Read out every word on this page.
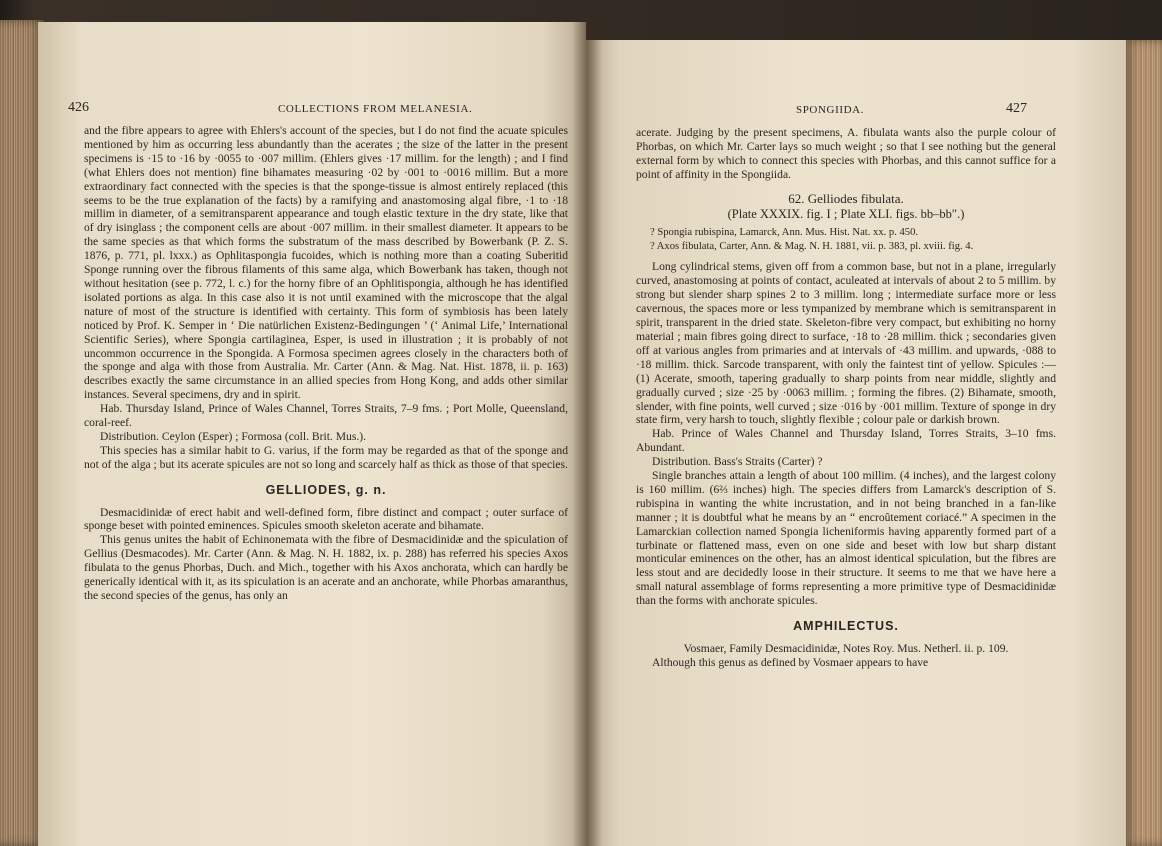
426	COLLECTIONS FROM MELANESIA.

and the fibre appears to agree with Ehlers's account of the species, but I do not find the acuate spicules mentioned by him as occurring less abundantly than the acerates ; the size of the latter in the present specimens is ·15 to ·16 by ·0055 to ·007 millim. (Ehlers gives ·17 millim. for the length) ; and I find (what Ehlers does not mention) fine bihamates measuring ·02 by ·001 to ·0016 millim. But a more extraordinary fact connected with the species is that the sponge-tissue is almost entirely replaced (this seems to be the true explanation of the facts) by a ramifying and anastomosing algal fibre, ·1 to ·18 millim in diameter, of a semitransparent appearance and tough elastic texture in the dry state, like that of dry isinglass ; the component cells are about ·007 millim. in their smallest diameter. It appears to be the same species as that which forms the substratum of the mass described by Bowerbank (P. Z. S. 1876, p. 771, pl. lxxx.) as Ophlitaspongia fucoides, which is nothing more than a coating Suberitid Sponge running over the fibrous filaments of this same alga, which Bowerbank has taken, though not without hesitation (see p. 772, l. c.) for the horny fibre of an Ophlitispongia, although he has identified isolated portions as alga. In this case also it is not until examined with the microscope that the algal nature of most of the structure is identified with certainty. This form of symbiosis has been lately noticed by Prof. K. Semper in ‘ Die natürlichen Existenz-Bedingungen ’ (‘ Animal Life,’ International Scientific Series), where Spongia cartilaginea, Esper, is used in illustration ; it is probably of not uncommon occurrence in the Spongida. A Formosa specimen agrees closely in the characters both of the sponge and alga with those from Australia. Mr. Carter (Ann. & Mag. Nat. Hist. 1878, ii. p. 163) describes exactly the same circumstance in an allied species from Hong Kong, and adds other similar instances. Several specimens, dry and in spirit.

Hab. Thursday Island, Prince of Wales Channel, Torres Straits, 7–9 fms. ; Port Molle, Queensland, coral-reef.

Distribution. Ceylon (Esper) ; Formosa (coll. Brit. Mus.).

This species has a similar habit to G. varius, if the form may be regarded as that of the sponge and not of the alga ; but its acerate spicules are not so long and scarcely half as thick as those of that species.

GELLIODES, g. n.

Desmacidinidæ of erect habit and well-defined form, fibre distinct and compact ; outer surface of sponge beset with pointed eminences. Spicules smooth skeleton acerate and bihamate.

This genus unites the habit of Echinonemata with the fibre of Desmacidinidæ and the spiculation of Gellius (Desmacodes). Mr. Carter (Ann. & Mag. N. H. 1882, ix. p. 288) has referred his species Axos fibulata to the genus Phorbas, Duch. and Mich., together with his Axos anchorata, which can hardly be generically identical with it, as its spiculation is an acerate and an anchorate, while Phorbas amaranthus, the second species of the genus, has only an

SPONGIIDA.	427

acerate. Judging by the present specimens, A. fibulata wants also the purple colour of Phorbas, on which Mr. Carter lays so much weight ; so that I see nothing but the general external form by which to connect this species with Phorbas, and this cannot suffice for a point of affinity in the Spongiida.

62. Gelliodes fibulata.
(Plate XXXIX. fig. I ; Plate XLI. figs. bb–bb″.)

? Spongia rubispina, Lamarck, Ann. Mus. Hist. Nat. xx. p. 450.

? Axos fibulata, Carter, Ann. & Mag. N. H. 1881, vii. p. 383, pl. xviii. fig. 4.

Long cylindrical stems, given off from a common base, but not in a plane, irregularly curved, anastomosing at points of contact, aculeated at intervals of about 2 to 5 millim. by strong but slender sharp spines 2 to 3 millim. long ; intermediate surface more or less cavernous, the spaces more or less tympanized by membrane which is semitransparent in spirit, transparent in the dried state. Skeleton-fibre very compact, but exhibiting no horny material ; main fibres going direct to surface, ·18 to ·28 millim. thick ; secondaries given off at various angles from primaries and at intervals of ·43 millim. and upwards, ·088 to ·18 millim. thick. Sarcode transparent, with only the faintest tint of yellow. Spicules :—(1) Acerate, smooth, tapering gradually to sharp points from near middle, slightly and gradually curved ; size ·25 by ·0063 millim. ; forming the fibres. (2) Bihamate, smooth, slender, with fine points, well curved ; size ·016 by ·001 millim. Texture of sponge in dry state firm, very harsh to touch, slightly flexible ; colour pale or darkish brown.

Hab. Prince of Wales Channel and Thursday Island, Torres Straits, 3–10 fms. Abundant.

Distribution. Bass's Straits (Carter) ?

Single branches attain a length of about 100 millim. (4 inches), and the largest colony is 160 millim. (6⅔ inches) high. The species differs from Lamarck's description of S. rubispina in wanting the white incrustation, and in not being branched in a fan-like manner ; it is doubtful what he means by an “ encroûtement coriacé.” A specimen in the Lamarckian collection named Spongia licheniformis having apparently formed part of a turbinate or flattened mass, even on one side and beset with low but sharp distant monticular eminences on the other, has an almost identical spiculation, but the fibres are less stout and are decidedly loose in their structure. It seems to me that we have here a small natural assemblage of forms representing a more primitive type of Desmacidinidæ than the forms with anchorate spicules.

AMPHILECTUS.

Vosmaer, Family Desmacidinidæ, Notes Roy. Mus. Netherl. ii. p. 109.

Although this genus as defined by Vosmaer appears to have
